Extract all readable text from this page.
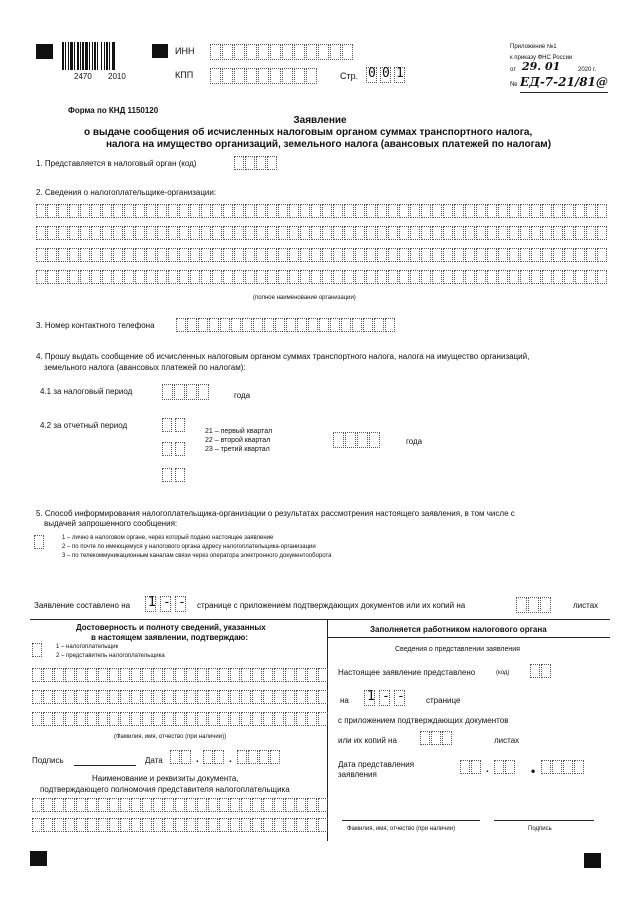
2470 2010
ИНН
КПП	Стр. 0 0 1
Приложение №1
к приказу ФНС России
от 29. 01	2020 г.
№ ЕД-7-21/81@
Форма по КНД 1150120
Заявление
о выдаче сообщения об исчисленных налоговым органом суммах транспортного налога,
налога на имущество организаций, земельного налога (авансовых платежей по налогам)
1. Представляется в налоговый орган (код)
2. Сведения о налогоплательщике-организации:
(полное наименование организации)
3. Номер контактного телефона
4. Прошу выдать сообщение об исчисленных налоговым органом суммах транспортного налога, налога на имущество организаций,
земельного налога (авансовых платежей по налогам):
4.1 за налоговый период	года
4.2 за отчетный период
21 – первый квартал
22 – второй квартал
23 – третий квартал
года
5. Способ информирования налогоплательщика-организации о результатах рассмотрения настоящего заявления, в том числе с
выдачей запрошенного сообщения:
1 – лично в налоговом органе, через который подано настоящее заявление
2 – по почте по имеющемуся у налогового органа адресу налогоплательщика-организации
3 – по телекоммуникационным каналам связи через оператора электронного документооборота
Заявление составлено на 1 - - странице с приложением подтверждающих документов или их копий на	листах
Достоверность и полноту сведений, указанных
в настоящем заявлении, подтверждаю:
1 – налогоплательщик
2 – представитель налогоплательщика
(Фамилия, имя, отчество (при наличии))
Подпись	Дата	.	.
Наименование и реквизиты документа,
подтверждающего полномочия представителя налогоплательщика
Заполняется работником налогового органа
Сведения о представлении заявления
Настоящее заявление представлено	(код)
на 1 - -	странице
с приложением подтверждающих документов
или их копий на	листах
Дата представления
заявления	.	•
Фамилия, имя, отчество (при наличии)	Подпись
